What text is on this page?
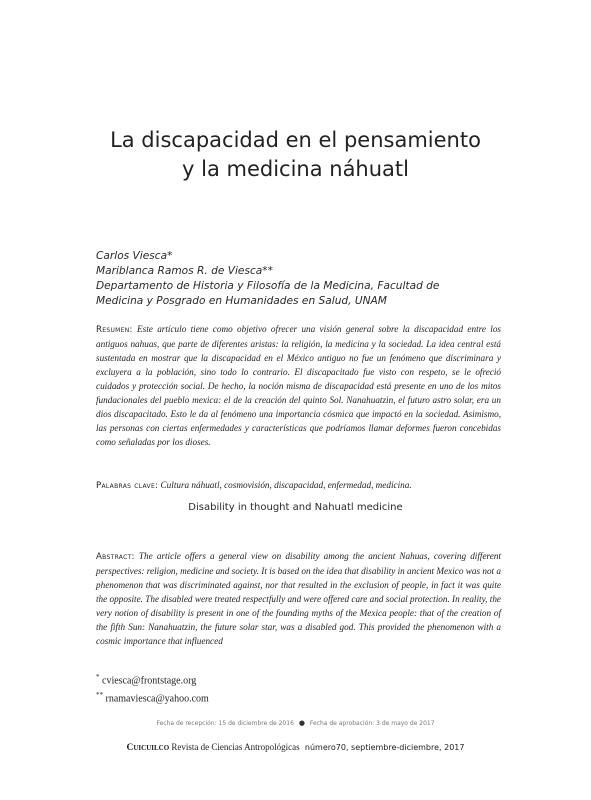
La discapacidad en el pensamiento
y la medicina náhuatl
Carlos Viesca*
Mariblanca Ramos R. de Viesca**
Departamento de Historia y Filosofía de la Medicina, Facultad de
Medicina y Posgrado en Humanidades en Salud, UNAM
Resumen: Este artículo tiene como objetivo ofrecer una visión general sobre la discapacidad entre los antiguos nahuas, que parte de diferentes aristas: la religión, la medicina y la sociedad. La idea central está sustentada en mostrar que la discapacidad en el México antiguo no fue un fenómeno que discriminara y excluyera a la población, sino todo lo contrario. El discapacitado fue visto con respeto, se le ofreció cuidados y protección social. De hecho, la noción misma de discapacidad está presente en uno de los mitos fundacionales del pueblo mexica: el de la creación del quinto Sol. Nanahuatzin, el futuro astro solar, era un dios discapacitado. Esto le da al fenómeno una importancia cósmica que impactó en la sociedad. Asimismo, las personas con ciertas enfermedades y características que podríamos llamar deformes fueron concebidas como señaladas por los dioses.
Palabras clave: Cultura náhuatl, cosmovisión, discapacidad, enfermedad, medicina.
Disability in thought and Nahuatl medicine
Abstract: The article offers a general view on disability among the ancient Nahuas, covering different perspectives: religion, medicine and society. It is based on the idea that disability in ancient Mexico was not a phenomenon that was discriminated against, nor that resulted in the exclusion of people, in fact it was quite the opposite. The disabled were treated respectfully and were offered care and social protection. In reality, the very notion of disability is present in one of the founding myths of the Mexica people: that of the creation of the fifth Sun: Nanahuatzin, the future solar star, was a disabled god. This provided the phenomenon with a cosmic importance that influenced
* cviesca@frontstage.org
** rnamaviesca@yahoo.com
Fecha de recepción: 15 de diciembre de 2016 ● Fecha de aprobación: 3 de mayo de 2017
Cuicuilco Revista de Ciencias Antropológicas número70, septiembre-diciembre, 2017
